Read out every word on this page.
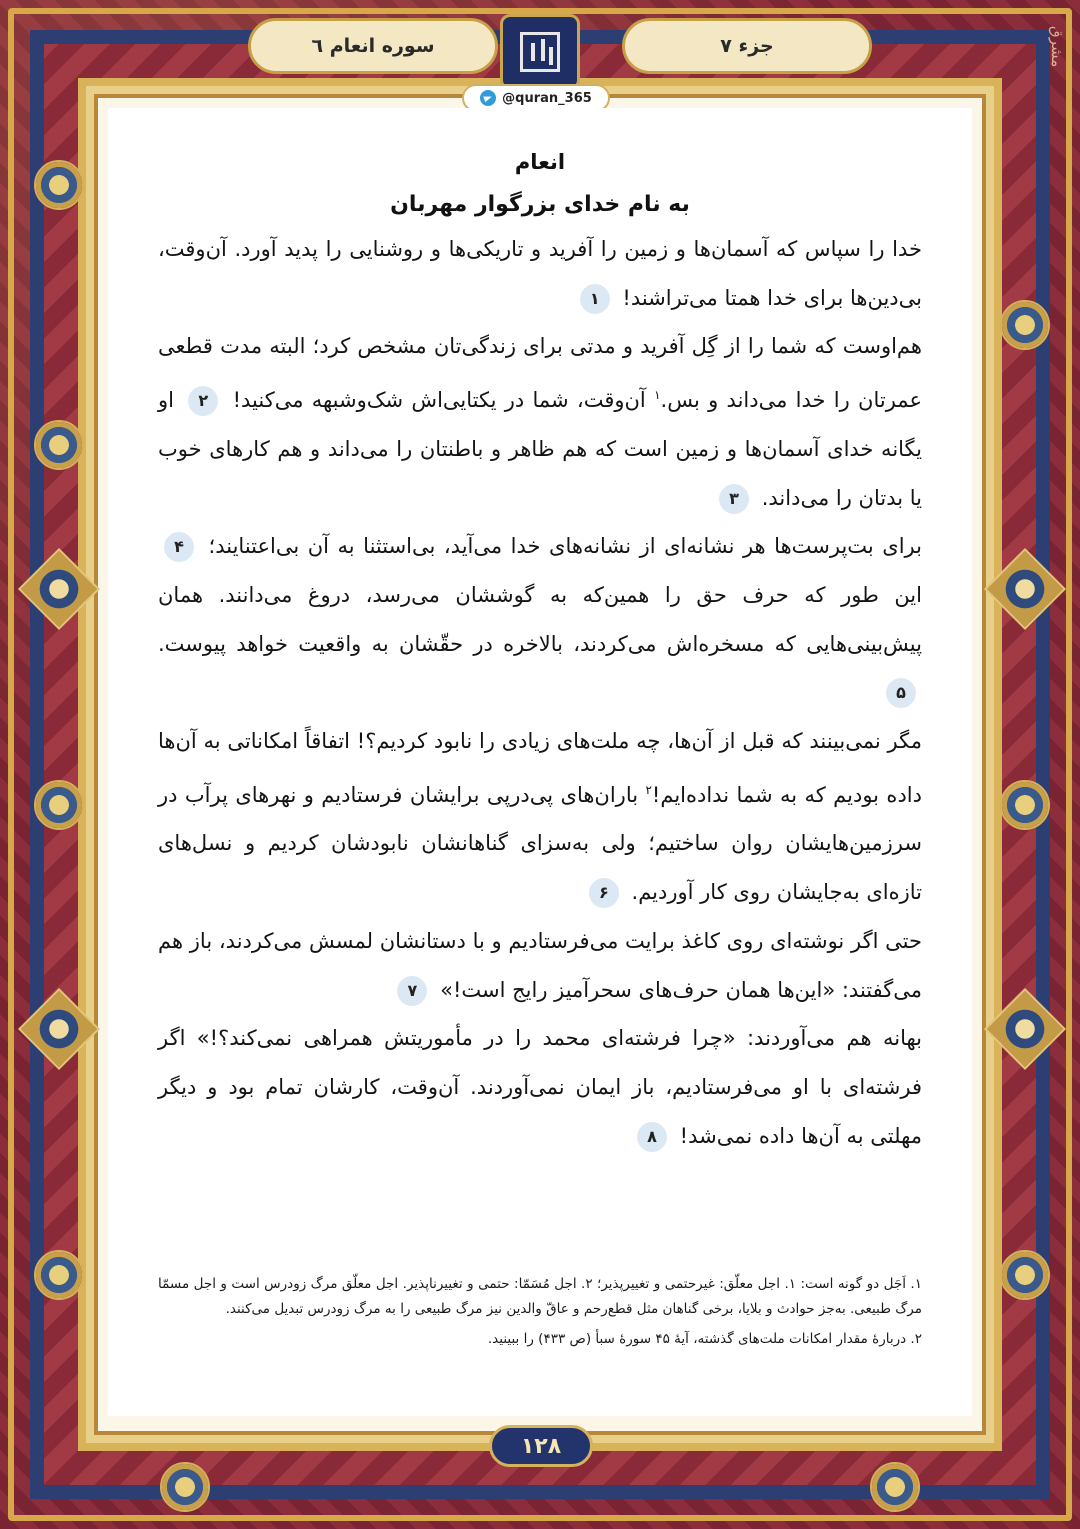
سوره انعام ٦	جزء ۷
@quran_365
مشرق
انعام
به نام خدای بزرگوار مهربان

خدا را سپاس که آسمان‌ها و زمین را آفرید و تاریکی‌ها و روشنایی را پدید آورد. آن‌وقت، بی‌دین‌ها برای خدا همتا می‌تراشند! ۱

هم‌اوست که شما را از گِل آفرید و مدتی برای زندگی‌تان مشخص کرد؛ البته مدت قطعی عمرتان را خدا می‌داند و بس.$^۱$ آن‌وقت، شما در یکتایی‌اش شک‌وشبهه می‌کنید! ۲ او یگانه خدای آسمان‌ها و زمین است که هم ظاهر و باطنتان را می‌داند و هم کارهای خوب یا بدتان را می‌داند. ۳

برای بت‌پرست‌ها هر نشانه‌ای از نشانه‌های خدا می‌آید، بی‌استثنا به آن بی‌اعتنایند؛ ۴ این طور که حرف حق را همین‌که به گوششان می‌رسد، دروغ می‌دانند. همان پیش‌بینی‌هایی که مسخره‌اش می‌کردند، بالاخره در حقّشان به واقعیت خواهد پیوست. ۵

مگر نمی‌بینند که قبل از آن‌ها، چه ملت‌های زیادی را نابود کردیم؟! اتفاقاً امکاناتی به آن‌ها داده بودیم که به شما نداده‌ایم!$^۲$ باران‌های پی‌درپی برایشان فرستادیم و نهرهای پرآب در سرزمین‌هایشان روان ساختیم؛ ولی به‌سزای گناهانشان نابودشان کردیم و نسل‌های تازه‌ای به‌جایشان روی کار آوردیم. ۶

حتی اگر نوشته‌ای روی کاغذ برایت می‌فرستادیم و با دستانشان لمسش می‌کردند، باز هم می‌گفتند: «این‌ها همان حرف‌های سحرآمیز رایج است!» ۷

بهانه هم می‌آوردند: «چرا فرشته‌ای محمد را در مأموریتش همراهی نمی‌کند؟!» اگر فرشته‌ای با او می‌فرستادیم، باز ایمان نمی‌آوردند. آن‌وقت، کارشان تمام بود و دیگر مهلتی به آن‌ها داده نمی‌شد! ۸

۱. اَجَل دو گونه است: ۱. اجل معلّق: غیرحتمی و تغییرپذیر؛ ۲. اجل مُسَمّا: حتمی و تغییرناپذیر. اجل معلّق مرگ زودرس است و اجل مسمّا مرگ طبیعی. به‌جز حوادث و بلایا، برخی گناهان مثل قطع‌رحم و عاقّ والدین نیز مرگ طبیعی را به مرگ زودرس تبدیل می‌کنند.

۲. دربارهٔ مقدار امکانات ملت‌های گذشته، آیهٔ ۴۵ سورهٔ سبأ (ص ۴۳۳) را ببینید.

۱۲۸
